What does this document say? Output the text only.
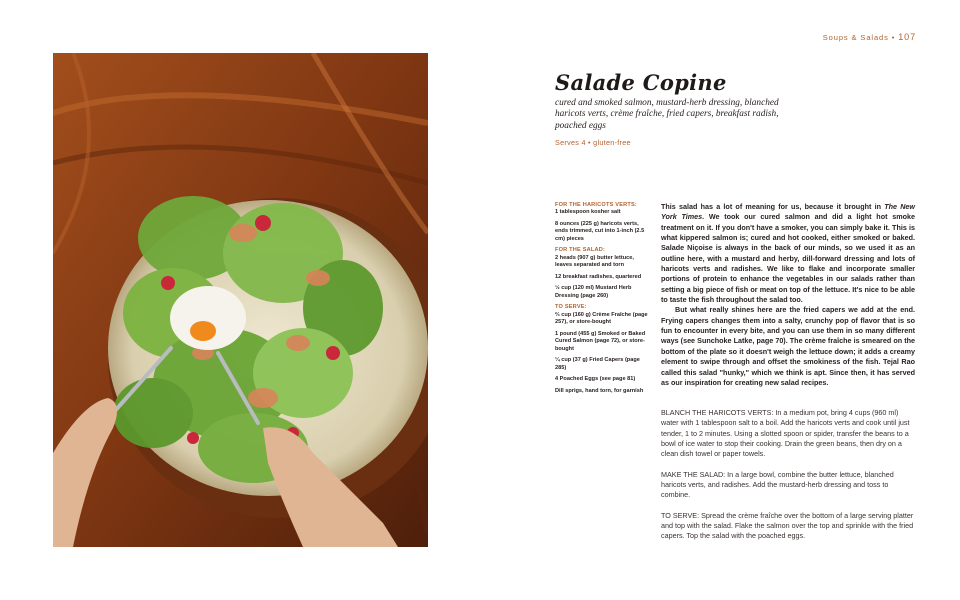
Soups & Salads • 107
Salade Copine

cured and smoked salmon, mustard-herb dressing, blanched haricots verts, crème fraîche, fried capers, breakfast radish, poached eggs

Serves 4 • gluten-free

FOR THE HARICOTS VERTS:

1 tablespoon kosher salt

8 ounces (225 g) haricots verts, ends trimmed, cut into 1-inch (2.5 cm) pieces

FOR THE SALAD:

2 heads (907 g) butter lettuce, leaves separated and torn

12 breakfast radishes, quartered

½ cup (120 ml) Mustard Herb Dressing (page 260)

TO SERVE:

⅔ cup (160 g) Crème Fraîche (page 257), or store-bought

1 pound (455 g) Smoked or Baked Cured Salmon (page 72), or store-bought

¼ cup (37 g) Fried Capers (page 285)

4 Poached Eggs (see page 81)

Dill sprigs, hand torn, for garnish

This salad has a lot of meaning for us, because it brought in The New York Times. We took our cured salmon and did a light hot smoke treatment on it. If you don't have a smoker, you can simply bake it. This is what kippered salmon is; cured and hot cooked, either smoked or baked. Salade Niçoise is always in the back of our minds, so we used it as an outline here, with a mustard and herby, dill-forward dressing and lots of haricots verts and radishes. We like to flake and incorporate smaller portions of protein to enhance the vegetables in our salads rather than setting a big piece of fish or meat on top of the lettuce. It's nice to be able to taste the fish throughout the salad too.

But what really shines here are the fried capers we add at the end. Frying capers changes them into a salty, crunchy pop of flavor that is so fun to encounter in every bite, and you can use them in so many different ways (see Sunchoke Latke, page 70). The crème fraîche is smeared on the bottom of the plate so it doesn't weigh the lettuce down; it adds a creamy element to swipe through and offset the smokiness of the fish. Tejal Rao called this salad "hunky," which we think is apt. Since then, it has served as our inspiration for creating new salad recipes.

BLANCH THE HARICOTS VERTS: In a medium pot, bring 4 cups (960 ml) water with 1 tablespoon salt to a boil. Add the haricots verts and cook until just tender, 1 to 2 minutes. Using a slotted spoon or spider, transfer the beans to a bowl of ice water to stop their cooking. Drain the green beans, then dry on a clean dish towel or paper towels.

MAKE THE SALAD: In a large bowl, combine the butter lettuce, blanched haricots verts, and radishes. Add the mustard-herb dressing and toss to combine.

TO SERVE: Spread the crème fraîche over the bottom of a large serving platter and top with the salad. Flake the salmon over the top and sprinkle with the fried capers. Top the salad with the poached eggs.
